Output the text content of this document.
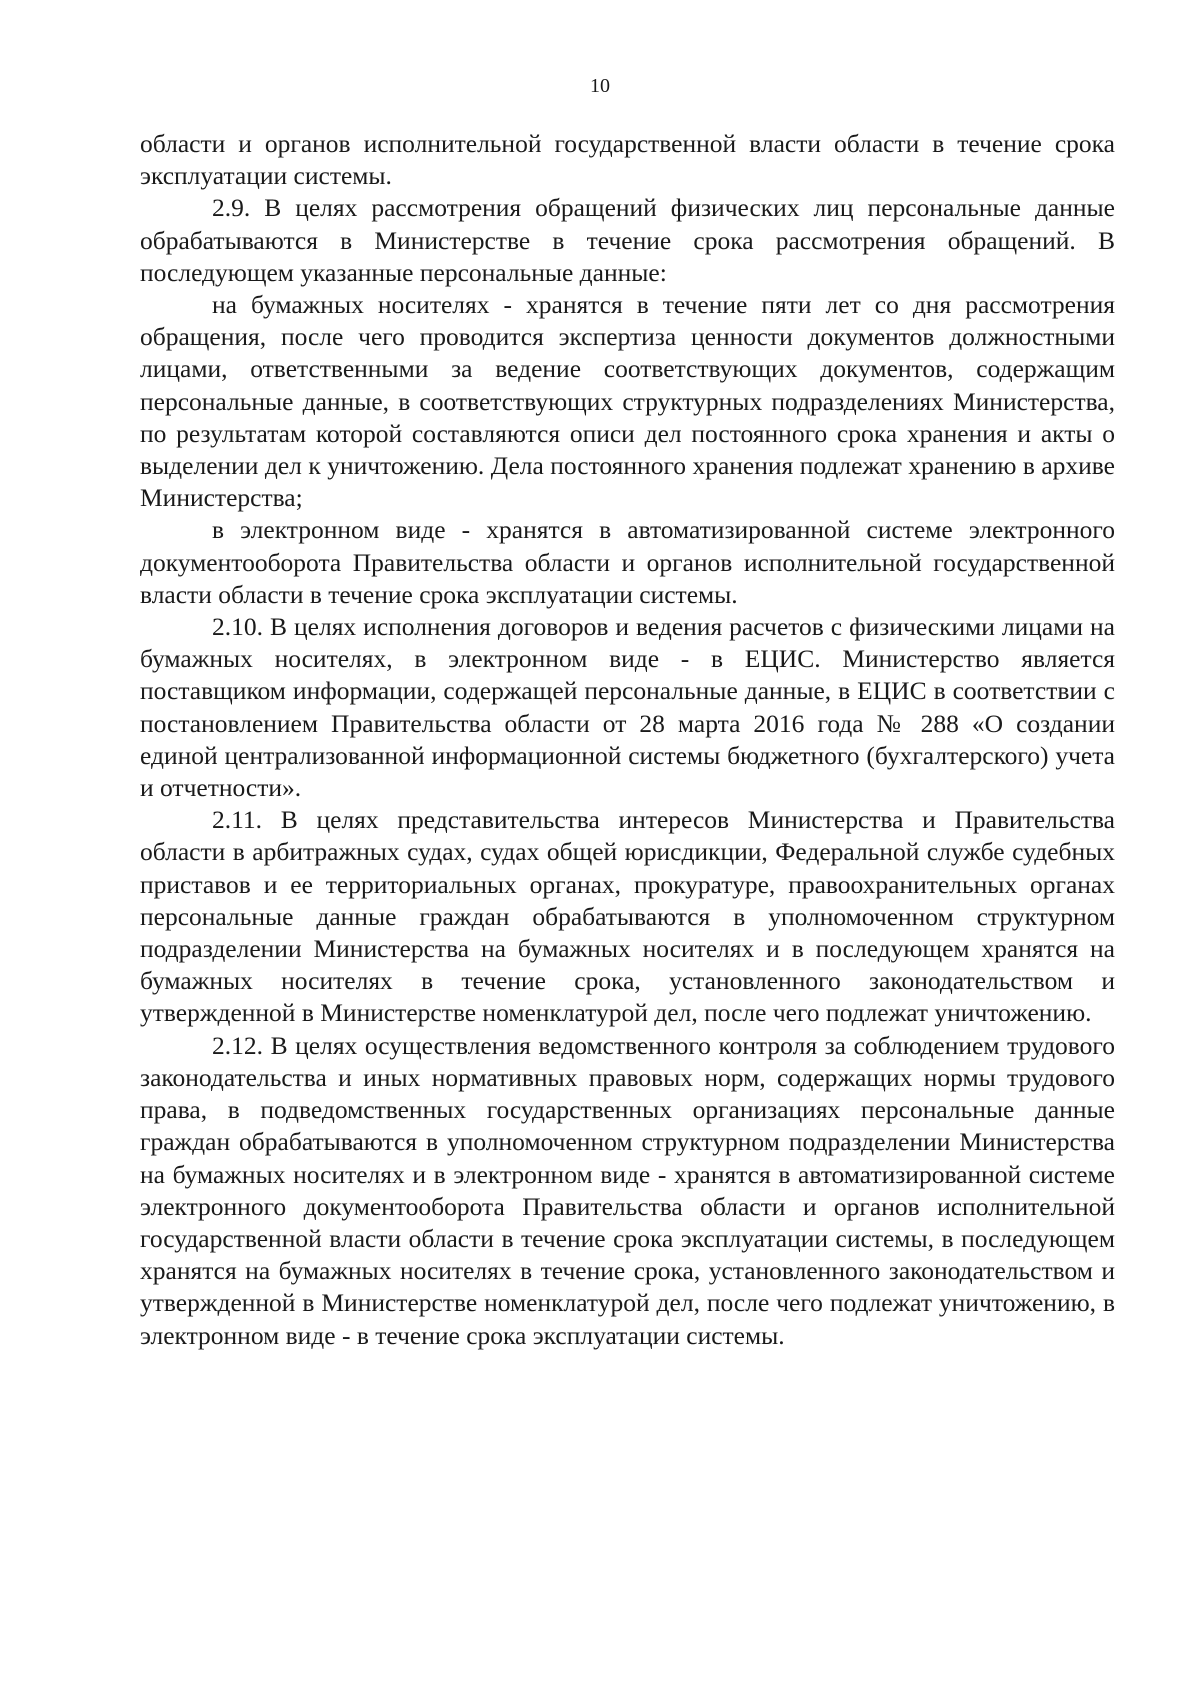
10

области и органов исполнительной государственной власти области в течение срока эксплуатации системы.

2.9. В целях рассмотрения обращений физических лиц персональные данные обрабатываются в Министерстве в течение срока рассмотрения обращений. В последующем указанные персональные данные:

на бумажных носителях - хранятся в течение пяти лет со дня рассмотрения обращения, после чего проводится экспертиза ценности документов должностными лицами, ответственными за ведение соответствующих документов, содержащим персональные данные, в соответствующих структурных подразделениях Министерства, по результатам которой составляются описи дел постоянного срока хранения и акты о выделении дел к уничтожению. Дела постоянного хранения подлежат хранению в архиве Министерства;

в электронном виде - хранятся в автоматизированной системе электронного документооборота Правительства области и органов исполнительной государственной власти области в течение срока эксплуатации системы.

2.10. В целях исполнения договоров и ведения расчетов с физическими лицами на бумажных носителях, в электронном виде - в ЕЦИС. Министерство является поставщиком информации, содержащей персональные данные, в ЕЦИС в соответствии с постановлением Правительства области от 28 марта 2016 года № 288 «О создании единой централизованной информационной системы бюджетного (бухгалтерского) учета и отчетности».

2.11. В целях представительства интересов Министерства и Правительства области в арбитражных судах, судах общей юрисдикции, Федеральной службе судебных приставов и ее территориальных органах, прокуратуре, правоохранительных органах персональные данные граждан обрабатываются в уполномоченном структурном подразделении Министерства на бумажных носителях и в последующем хранятся на бумажных носителях в течение срока, установленного законодательством и утвержденной в Министерстве номенклатурой дел, после чего подлежат уничтожению.

2.12. В целях осуществления ведомственного контроля за соблюдением трудового законодательства и иных нормативных правовых норм, содержащих нормы трудового права, в подведомственных государственных организациях персональные данные граждан обрабатываются в уполномоченном структурном подразделении Министерства на бумажных носителях и в электронном виде - хранятся в автоматизированной системе электронного документооборота Правительства области и органов исполнительной государственной власти области в течение срока эксплуатации системы, в последующем хранятся на бумажных носителях в течение срока, установленного законодательством и утвержденной в Министерстве номенклатурой дел, после чего подлежат уничтожению, в электронном виде - в течение срока эксплуатации системы.
